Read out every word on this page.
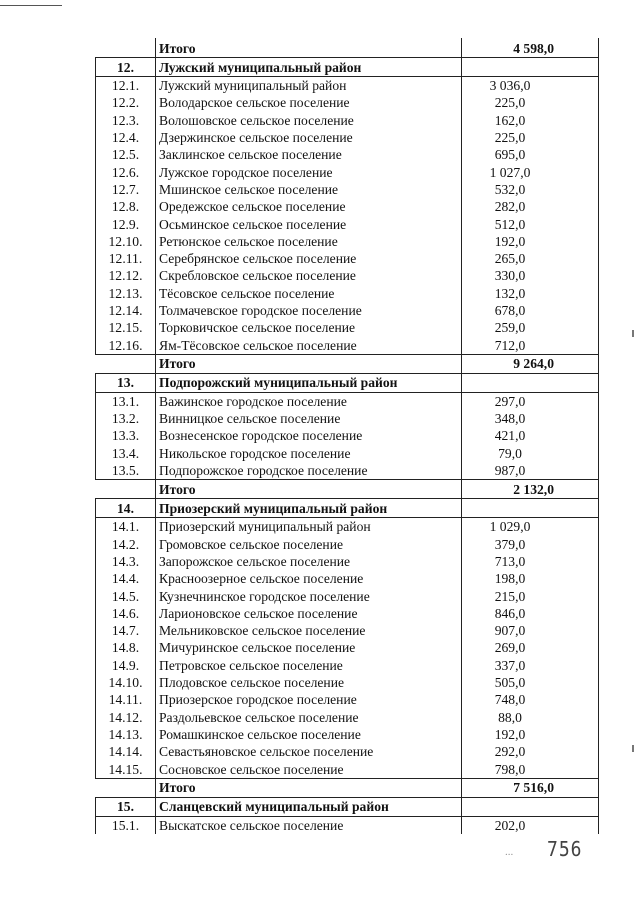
	Итого	4 598,0
12.	Лужский муниципальный район	
12.1.	Лужский муниципальный район	3 036,0
12.2.	Володарское сельское поселение	225,0
12.3.	Волошовское сельское поселение	162,0
12.4.	Дзержинское сельское поселение	225,0
12.5.	Заклинское сельское поселение	695,0
12.6.	Лужское городское поселение	1 027,0
12.7.	Мшинское сельское поселение	532,0
12.8.	Оредежское сельское поселение	282,0
12.9.	Осьминское сельское поселение	512,0
12.10.	Ретюнское сельское поселение	192,0
12.11.	Серебрянское сельское поселение	265,0
12.12.	Скребловское сельское поселение	330,0
12.13.	Тёсовское сельское поселение	132,0
12.14.	Толмачевское городское поселение	678,0
12.15.	Торковичское сельское поселение	259,0
12.16.	Ям-Тёсовское сельское поселение	712,0
	Итого	9 264,0
13.	Подпорожский муниципальный район	
13.1.	Важинское городское поселение	297,0
13.2.	Винницкое сельское поселение	348,0
13.3.	Вознесенское городское поселение	421,0
13.4.	Никольское городское поселение	79,0
13.5.	Подпорожское городское поселение	987,0
	Итого	2 132,0
14.	Приозерский муниципальный район	
14.1.	Приозерский муниципальный район	1 029,0
14.2.	Громовское сельское поселение	379,0
14.3.	Запорожское сельское поселение	713,0
14.4.	Красноозерное сельское поселение	198,0
14.5.	Кузнечнинское городское поселение	215,0
14.6.	Ларионовское сельское поселение	846,0
14.7.	Мельниковское сельское поселение	907,0
14.8.	Мичуринское сельское поселение	269,0
14.9.	Петровское сельское поселение	337,0
14.10.	Плодовское сельское поселение	505,0
14.11.	Приозерское городское поселение	748,0
14.12.	Раздольевское сельское поселение	88,0
14.13.	Ромашкинское сельское поселение	192,0
14.14.	Севастьяновское сельское поселение	292,0
14.15.	Сосновское сельское поселение	798,0
	Итого	7 516,0
15.	Сланцевский муниципальный район	
15.1.	Выскатское сельское поселение	202,0
... 756
